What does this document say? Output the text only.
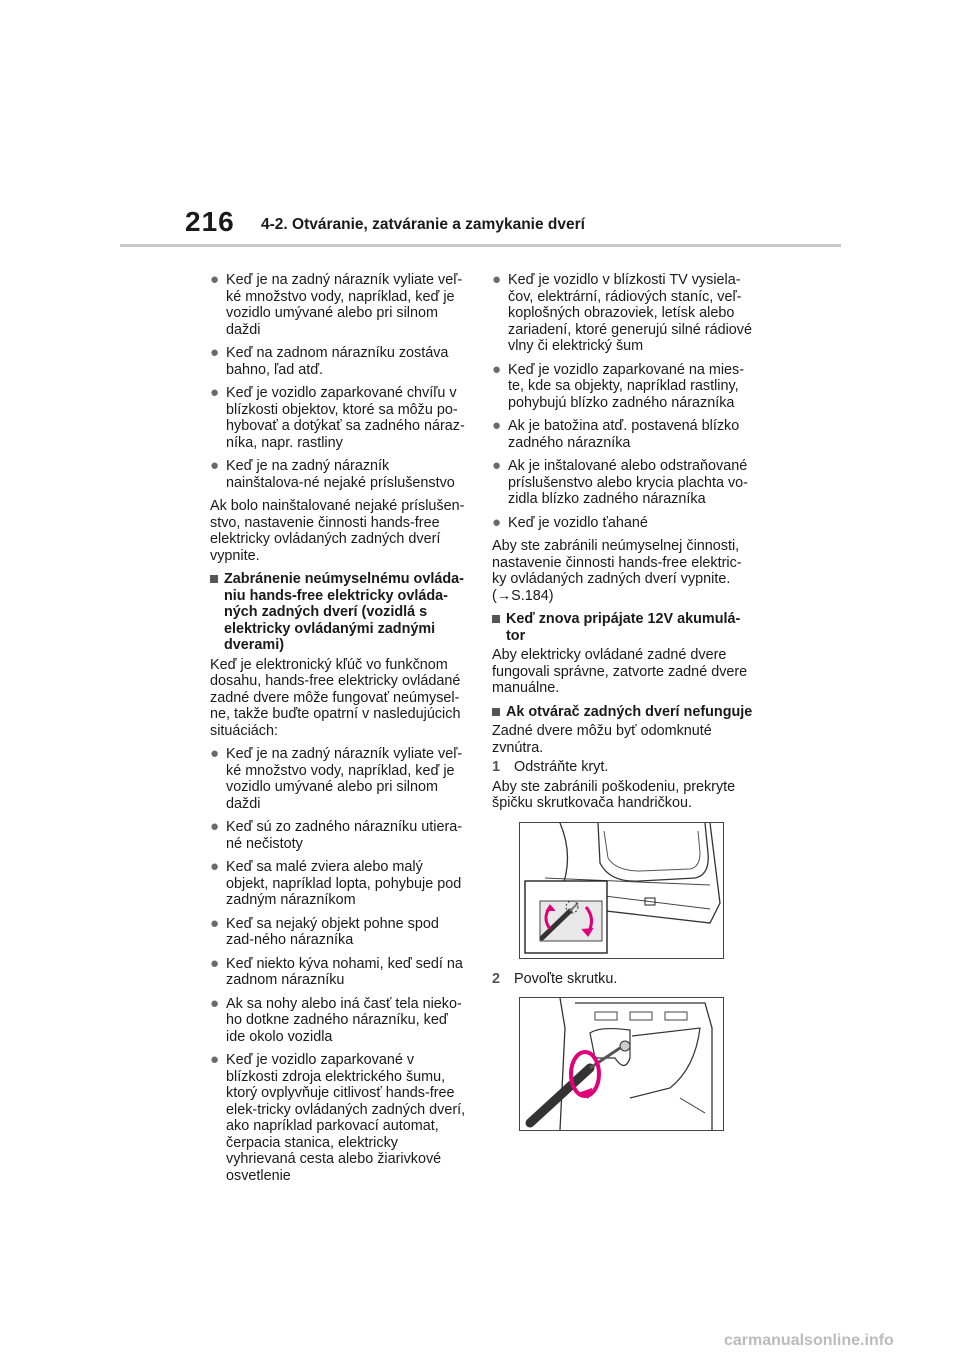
216 4-2. Otváranie, zatváranie a zamykanie dverí
● Keď je na zadný nárazník vyliate veľ-ké množstvo vody, napríklad, keď je vozidlo umývané alebo pri silnom daždi
● Keď na zadnom nárazníku zostáva bahno, ľad atď.
● Keď je vozidlo zaparkované chvíľu v blízkosti objektov, ktoré sa môžu po-hybovať a dotýkať sa zadného náraz-níka, napr. rastliny
● Keď je na zadný nárazník nainštalova-né nejaké príslušenstvo

Ak bolo nainštalované nejaké príslušen-stvo, nastavenie činnosti hands-free elektricky ovládaných zadných dverí vypnite.

Zabránenie neúmyselnému ovláda-niu hands-free elektricky ovláda-ných zadných dverí (vozidlá s elektricky ovládanými zadnými dverami)

Keď je elektronický kľúč vo funkčnom dosahu, hands-free elektricky ovládané zadné dvere môže fungovať neúmysel-ne, takže buďte opatrní v nasledujúcich situáciách:

● Keď je na zadný nárazník vyliate veľ-ké množstvo vody, napríklad, keď je vozidlo umývané alebo pri silnom daždi
● Keď sú zo zadného nárazníku utiera-né nečistoty
● Keď sa malé zviera alebo malý objekt, napríklad lopta, pohybuje pod zadným nárazníkom
● Keď sa nejaký objekt pohne spod zad-ného nárazníka
● Keď niekto kýva nohami, keď sedí na zadnom nárazníku
● Ak sa nohy alebo iná časť tela nieko-ho dotkne zadného nárazníku, keď ide okolo vozidla
● Keď je vozidlo zaparkované v blízkosti zdroja elektrického šumu, ktorý ovplyvňuje citlivosť hands-free elek-tricky ovládaných zadných dverí, ako napríklad parkovací automat, čerpacia stanica, elektricky vyhrievaná cesta alebo žiarivkové osvetlenie
● Keď je vozidlo v blízkosti TV vysiela-čov, elektrární, rádiových staníc, veľ-koplošných obrazoviek, letísk alebo zariadení, ktoré generujú silné rádiové vlny či elektrický šum
● Keď je vozidlo zaparkované na mies-te, kde sa objekty, napríklad rastliny, pohybujú blízko zadného nárazníka
● Ak je batožina atď. postavená blízko zadného nárazníka
● Ak je inštalované alebo odstraňované príslušenstvo alebo krycia plachta vo-zidla blízko zadného nárazníka
● Keď je vozidlo ťahané

Aby ste zabránili neúmyselnej činnosti, nastavenie činnosti hands-free elektric-ky ovládaných zadných dverí vypnite.

(→S.184)

Keď znova pripájate 12V akumulá-tor

Aby elektricky ovládané zadné dvere fungovali správne, zatvorte zadné dvere manuálne.

Ak otvárač zadných dverí nefunguje

Zadné dvere môžu byť odomknuté zvnútra.

1 Odstráňte kryt.

Aby ste zabránili poškodeniu, prekryte špičku skrutkovača handričkou.

2 Povoľte skrutku.
carmanualsonline.info
